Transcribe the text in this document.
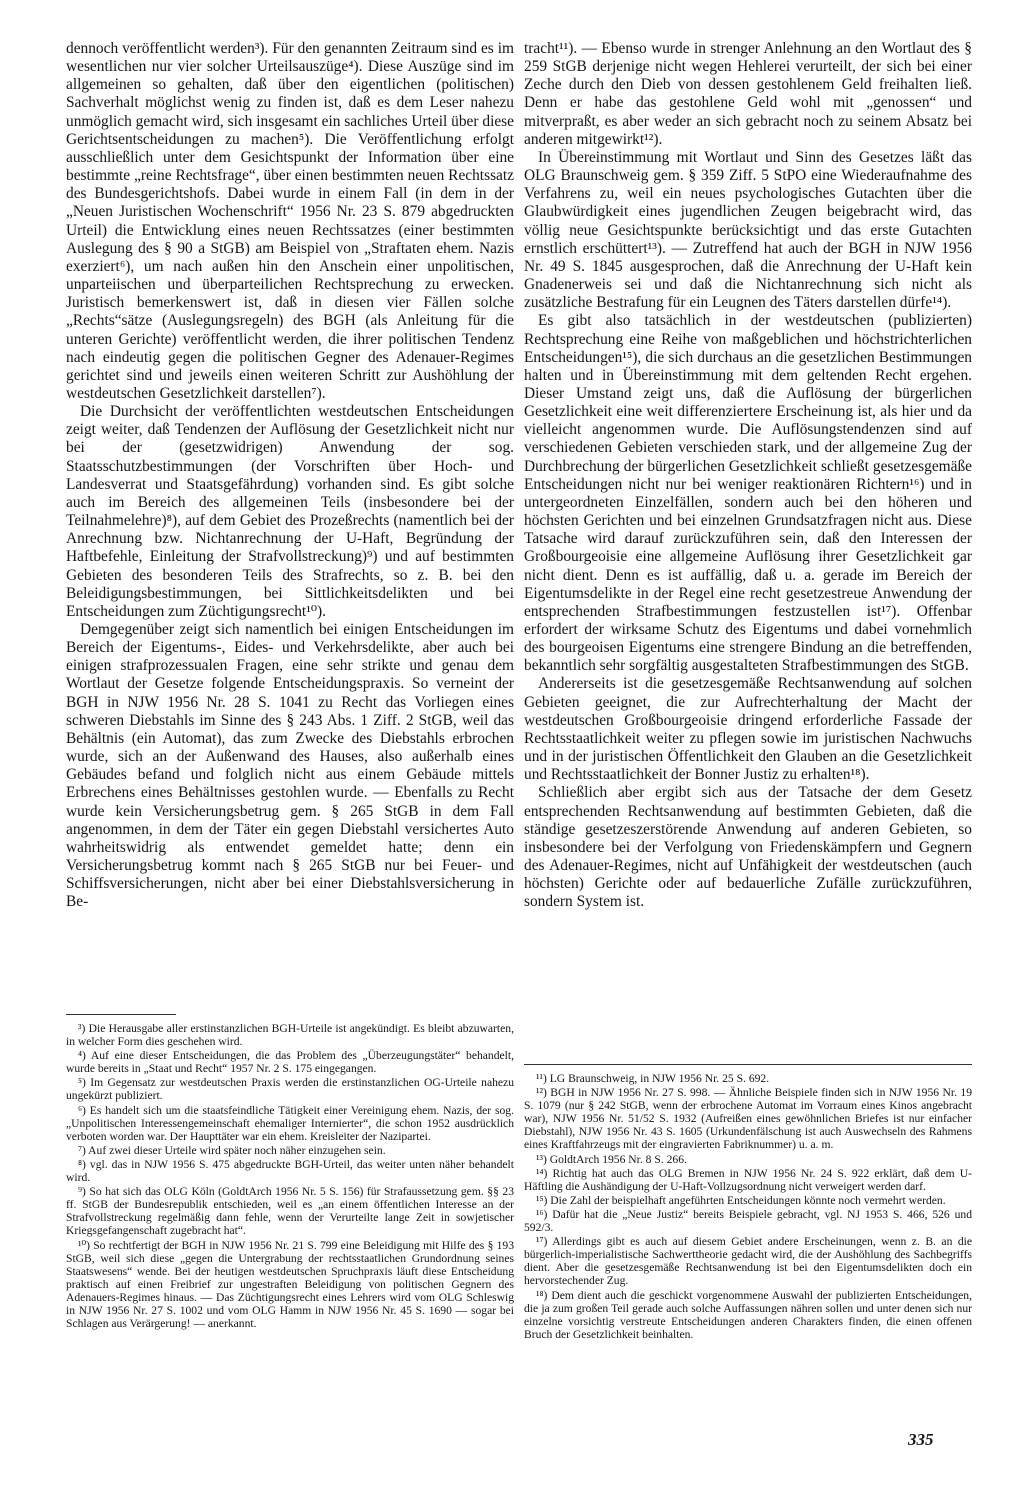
dennoch veröffentlicht werden³). Für den genannten Zeitraum sind es im wesentlichen nur vier solcher Urteilsauszüge⁴). Diese Auszüge sind im allgemeinen so gehalten, daß über den eigentlichen (politischen) Sachverhalt möglichst wenig zu finden ist, daß es dem Leser nahezu unmöglich gemacht wird, sich insgesamt ein sachliches Urteil über diese Gerichtsentscheidungen zu machen⁵). Die Veröffentlichung erfolgt ausschließlich unter dem Gesichtspunkt der Information über eine bestimmte „reine Rechtsfrage“, über einen bestimmten neuen Rechtssatz des Bundesgerichtshofs. Dabei wurde in einem Fall (in dem in der „Neuen Juristischen Wochenschrift“ 1956 Nr. 23 S. 879 abgedruckten Urteil) die Entwicklung eines neuen Rechtssatzes (einer bestimmten Auslegung des § 90 a StGB) am Beispiel von „Straftaten ehem. Nazis exerziert⁶), um nach außen hin den Anschein einer unpolitischen, unparteiischen und überparteilichen Rechtsprechung zu erwecken. Juristisch bemerkenswert ist, daß in diesen vier Fällen solche „Rechts“sätze (Auslegungsregeln) des BGH (als Anleitung für die unteren Gerichte) veröffentlicht werden, die ihrer politischen Tendenz nach eindeutig gegen die politischen Gegner des Adenauer-Regimes gerichtet sind und jeweils einen weiteren Schritt zur Aushöhlung der westdeutschen Gesetzlichkeit darstellen⁷).

Die Durchsicht der veröffentlichten westdeutschen Entscheidungen zeigt weiter, daß Tendenzen der Auflösung der Gesetzlichkeit nicht nur bei der (gesetzwidrigen) Anwendung der sog. Staatsschutzbestimmungen (der Vorschriften über Hoch- und Landesverrat und Staatsgefährdung) vorhanden sind. Es gibt solche auch im Bereich des allgemeinen Teils (insbesondere bei der Teilnahmelehre)⁸), auf dem Gebiet des Prozeßrechts (namentlich bei der Anrechnung bzw. Nichtanrechnung der U-Haft, Begründung der Haftbefehle, Einleitung der Strafvollstreckung)⁹) und auf bestimmten Gebieten des besonderen Teils des Strafrechts, so z. B. bei den Beleidigungsbestimmungen, bei Sittlichkeitsdelikten und bei Entscheidungen zum Züchtigungsrecht¹⁰).

Demgegenüber zeigt sich namentlich bei einigen Entscheidungen im Bereich der Eigentums-, Eides- und Verkehrsdelikte, aber auch bei einigen strafprozessualen Fragen, eine sehr strikte und genau dem Wortlaut der Gesetze folgende Entscheidungspraxis. So verneint der BGH in NJW 1956 Nr. 28 S. 1041 zu Recht das Vorliegen eines schweren Diebstahls im Sinne des § 243 Abs. 1 Ziff. 2 StGB, weil das Behältnis (ein Automat), das zum Zwecke des Diebstahls erbrochen wurde, sich an der Außenwand des Hauses, also außerhalb eines Gebäudes befand und folglich nicht aus einem Gebäude mittels Erbrechens eines Behältnisses gestohlen wurde. — Ebenfalls zu Recht wurde kein Versicherungsbetrug gem. § 265 StGB in dem Fall angenommen, in dem der Täter ein gegen Diebstahl versichertes Auto wahrheitswidrig als entwendet gemeldet hatte; denn ein Versicherungsbetrug kommt nach § 265 StGB nur bei Feuer- und Schiffsversicherungen, nicht aber bei einer Diebstahlsversicherung in Be-

tracht¹¹). — Ebenso wurde in strenger Anlehnung an den Wortlaut des § 259 StGB derjenige nicht wegen Hehlerei verurteilt, der sich bei einer Zeche durch den Dieb von dessen gestohlenem Geld freihalten ließ. Denn er habe das gestohlene Geld wohl mit „genossen“ und mitverpraßt, es aber weder an sich gebracht noch zu seinem Absatz bei anderen mitgewirkt¹²).

In Übereinstimmung mit Wortlaut und Sinn des Gesetzes läßt das OLG Braunschweig gem. § 359 Ziff. 5 StPO eine Wiederaufnahme des Verfahrens zu, weil ein neues psychologisches Gutachten über die Glaubwürdigkeit eines jugendlichen Zeugen beigebracht wird, das völlig neue Gesichtspunkte berücksichtigt und das erste Gutachten ernstlich erschüttert¹³). — Zutreffend hat auch der BGH in NJW 1956 Nr. 49 S. 1845 ausgesprochen, daß die Anrechnung der U-Haft kein Gnadenerweis sei und daß die Nichtanrechnung sich nicht als zusätzliche Bestrafung für ein Leugnen des Täters darstellen dürfe¹⁴).

Es gibt also tatsächlich in der westdeutschen (publizierten) Rechtsprechung eine Reihe von maßgeblichen und höchstrichterlichen Entscheidungen¹⁵), die sich durchaus an die gesetzlichen Bestimmungen halten und in Übereinstimmung mit dem geltenden Recht ergehen. Dieser Umstand zeigt uns, daß die Auflösung der bürgerlichen Gesetzlichkeit eine weit differenziertere Erscheinung ist, als hier und da vielleicht angenommen wurde. Die Auflösungstendenzen sind auf verschiedenen Gebieten verschieden stark, und der allgemeine Zug der Durchbrechung der bürgerlichen Gesetzlichkeit schließt gesetzesgemäße Entscheidungen nicht nur bei weniger reaktionären Richtern¹⁶) und in untergeordneten Einzelfällen, sondern auch bei den höheren und höchsten Gerichten und bei einzelnen Grundsatzfragen nicht aus. Diese Tatsache wird darauf zurückzuführen sein, daß den Interessen der Großbourgeoisie eine allgemeine Auflösung ihrer Gesetzlichkeit gar nicht dient. Denn es ist auffällig, daß u. a. gerade im Bereich der Eigentumsdelikte in der Regel eine recht gesetzestreue Anwendung der entsprechenden Strafbestimmungen festzustellen ist¹⁷). Offenbar erfordert der wirksame Schutz des Eigentums und dabei vornehmlich des bourgeoisen Eigentums eine strengere Bindung an die betreffenden, bekanntlich sehr sorgfältig ausgestalteten Strafbestimmungen des StGB.

Andererseits ist die gesetzesgemäße Rechtsanwendung auf solchen Gebieten geeignet, die zur Aufrechterhaltung der Macht der westdeutschen Großbourgeoisie dringend erforderliche Fassade der Rechtsstaatlichkeit weiter zu pflegen sowie im juristischen Nachwuchs und in der juristischen Öffentlichkeit den Glauben an die Gesetzlichkeit und Rechtsstaatlichkeit der Bonner Justiz zu erhalten¹⁸).

Schließlich aber ergibt sich aus der Tatsache der dem Gesetz entsprechenden Rechtsanwendung auf bestimmten Gebieten, daß die ständige gesetzeszerstörende Anwendung auf anderen Gebieten, so insbesondere bei der Verfolgung von Friedenskämpfern und Gegnern des Adenauer-Regimes, nicht auf Unfähigkeit der westdeutschen (auch höchsten) Gerichte oder auf bedauerliche Zufälle zurückzuführen, sondern System ist.

³) Die Herausgabe aller erstinstanzlichen BGH-Urteile ist angekündigt. Es bleibt abzuwarten, in welcher Form dies geschehen wird.

⁴) Auf eine dieser Entscheidungen, die das Problem des „Überzeugungstäter“ behandelt, wurde bereits in „Staat und Recht“ 1957 Nr. 2 S. 175 eingegangen.

⁵) Im Gegensatz zur westdeutschen Praxis werden die erstinstanzlichen OG-Urteile nahezu ungekürzt publiziert.

⁶) Es handelt sich um die staatsfeindliche Tätigkeit einer Vereinigung ehem. Nazis, der sog. „Unpolitischen Interessengemeinschaft ehemaliger Internierter“, die schon 1952 ausdrücklich verboten worden war. Der Haupttäter war ein ehem. Kreisleiter der Nazipartei.

⁷) Auf zwei dieser Urteile wird später noch näher einzugehen sein.

⁸) vgl. das in NJW 1956 S. 475 abgedruckte BGH-Urteil, das weiter unten näher behandelt wird.

⁹) So hat sich das OLG Köln (GoldtArch 1956 Nr. 5 S. 156) für Strafaussetzung gem. §§ 23 ff. StGB der Bundesrepublik entschieden, weil es „an einem öffentlichen Interesse an der Strafvollstreckung regelmäßig dann fehle, wenn der Verurteilte lange Zeit in sowjetischer Kriegsgefangenschaft zugebracht hat“.

¹⁰) So rechtfertigt der BGH in NJW 1956 Nr. 21 S. 799 eine Beleidigung mit Hilfe des § 193 StGB, weil sich diese „gegen die Untergrabung der rechtsstaatlichen Grundordnung seines Staatswesens“ wende. Bei der heutigen westdeutschen Spruchpraxis läuft diese Entscheidung praktisch auf einen Freibrief zur ungestraften Beleidigung von politischen Gegnern des Adenauers-Regimes hinaus. — Das Züchtigungsrecht eines Lehrers wird vom OLG Schleswig in NJW 1956 Nr. 27 S. 1002 und vom OLG Hamm in NJW 1956 Nr. 45 S. 1690 — sogar bei Schlagen aus Verärgerung! — anerkannt.

¹¹) LG Braunschweig, in NJW 1956 Nr. 25 S. 692.

¹²) BGH in NJW 1956 Nr. 27 S. 998. — Ähnliche Beispiele finden sich in NJW 1956 Nr. 19 S. 1079 (nur § 242 StGB, wenn der erbrochene Automat im Vorraum eines Kinos angebracht war), NJW 1956 Nr. 51/52 S. 1932 (Aufreißen eines gewöhnlichen Briefes ist nur einfacher Diebstahl), NJW 1956 Nr. 43 S. 1605 (Urkundenfälschung ist auch Auswechseln des Rahmens eines Kraftfahrzeugs mit der eingravierten Fabriknummer) u. a. m.

¹³) GoldtArch 1956 Nr. 8 S. 266.

¹⁴) Richtig hat auch das OLG Bremen in NJW 1956 Nr. 24 S. 922 erklärt, daß dem U-Häftling die Aushändigung der U-Haft-Vollzugsordnung nicht verweigert werden darf.

¹⁵) Die Zahl der beispielhaft angeführten Entscheidungen könnte noch vermehrt werden.

¹⁶) Dafür hat die „Neue Justiz“ bereits Beispiele gebracht, vgl. NJ 1953 S. 466, 526 und 592/3.

¹⁷) Allerdings gibt es auch auf diesem Gebiet andere Erscheinungen, wenn z. B. an die bürgerlich-imperialistische Sachwerttheorie gedacht wird, die der Aushöhlung des Sachbegriffs dient. Aber die gesetzesgemäße Rechtsanwendung ist bei den Eigentumsdelikten doch ein hervorstechender Zug.

¹⁸) Dem dient auch die geschickt vorgenommene Auswahl der publizierten Entscheidungen, die ja zum großen Teil gerade auch solche Auffassungen nähren sollen und unter denen sich nur einzelne vorsichtig verstreute Entscheidungen anderen Charakters finden, die einen offenen Bruch der Gesetzlichkeit beinhalten.

335
